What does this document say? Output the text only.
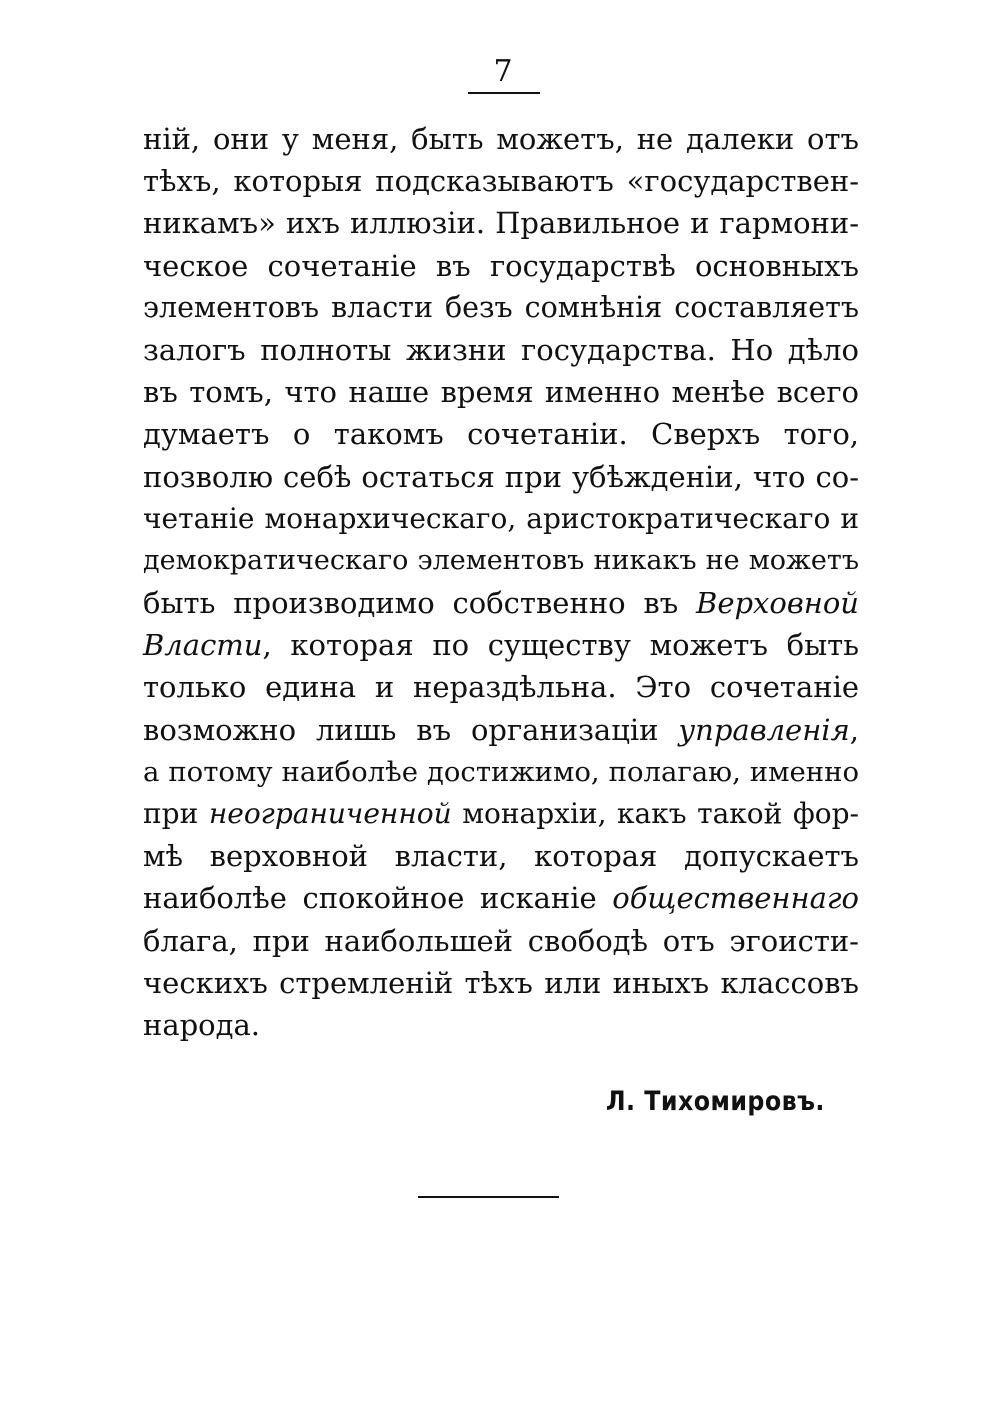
7
ній, они у меня, быть можетъ, не далеки отъ
тѣхъ, которыя подсказываютъ «государствен-
никамъ» ихъ иллюзіи. Правильное и гармони-
ческое сочетаніе въ государствѣ основныхъ
элементовъ власти безъ сомнѣнія составляетъ
залогъ полноты жизни государства. Но дѣло
въ томъ, что наше время именно менѣе всего
думаетъ о такомъ сочетаніи. Сверхъ того,
позволю себѣ остаться при убѣжденіи, что со-
четаніе монархическаго, аристократическаго и
демократическаго элементовъ никакъ не можетъ
быть производимо собственно въ Верховной
Власти, которая по существу можетъ быть
только едина и нераздѣльна. Это сочетаніе
возможно лишь въ организаціи управленія,
а потому наиболѣе достижимо, полагаю, именно
при неограниченной монархіи, какъ такой фор-
мѣ верховной власти, которая допускаетъ
наиболѣе спокойное исканіе общественнаго
блага, при наибольшей свободѣ отъ эгоисти-
ческихъ стремленій тѣхъ или иныхъ классовъ
народа.
Л. Тихомировъ.
